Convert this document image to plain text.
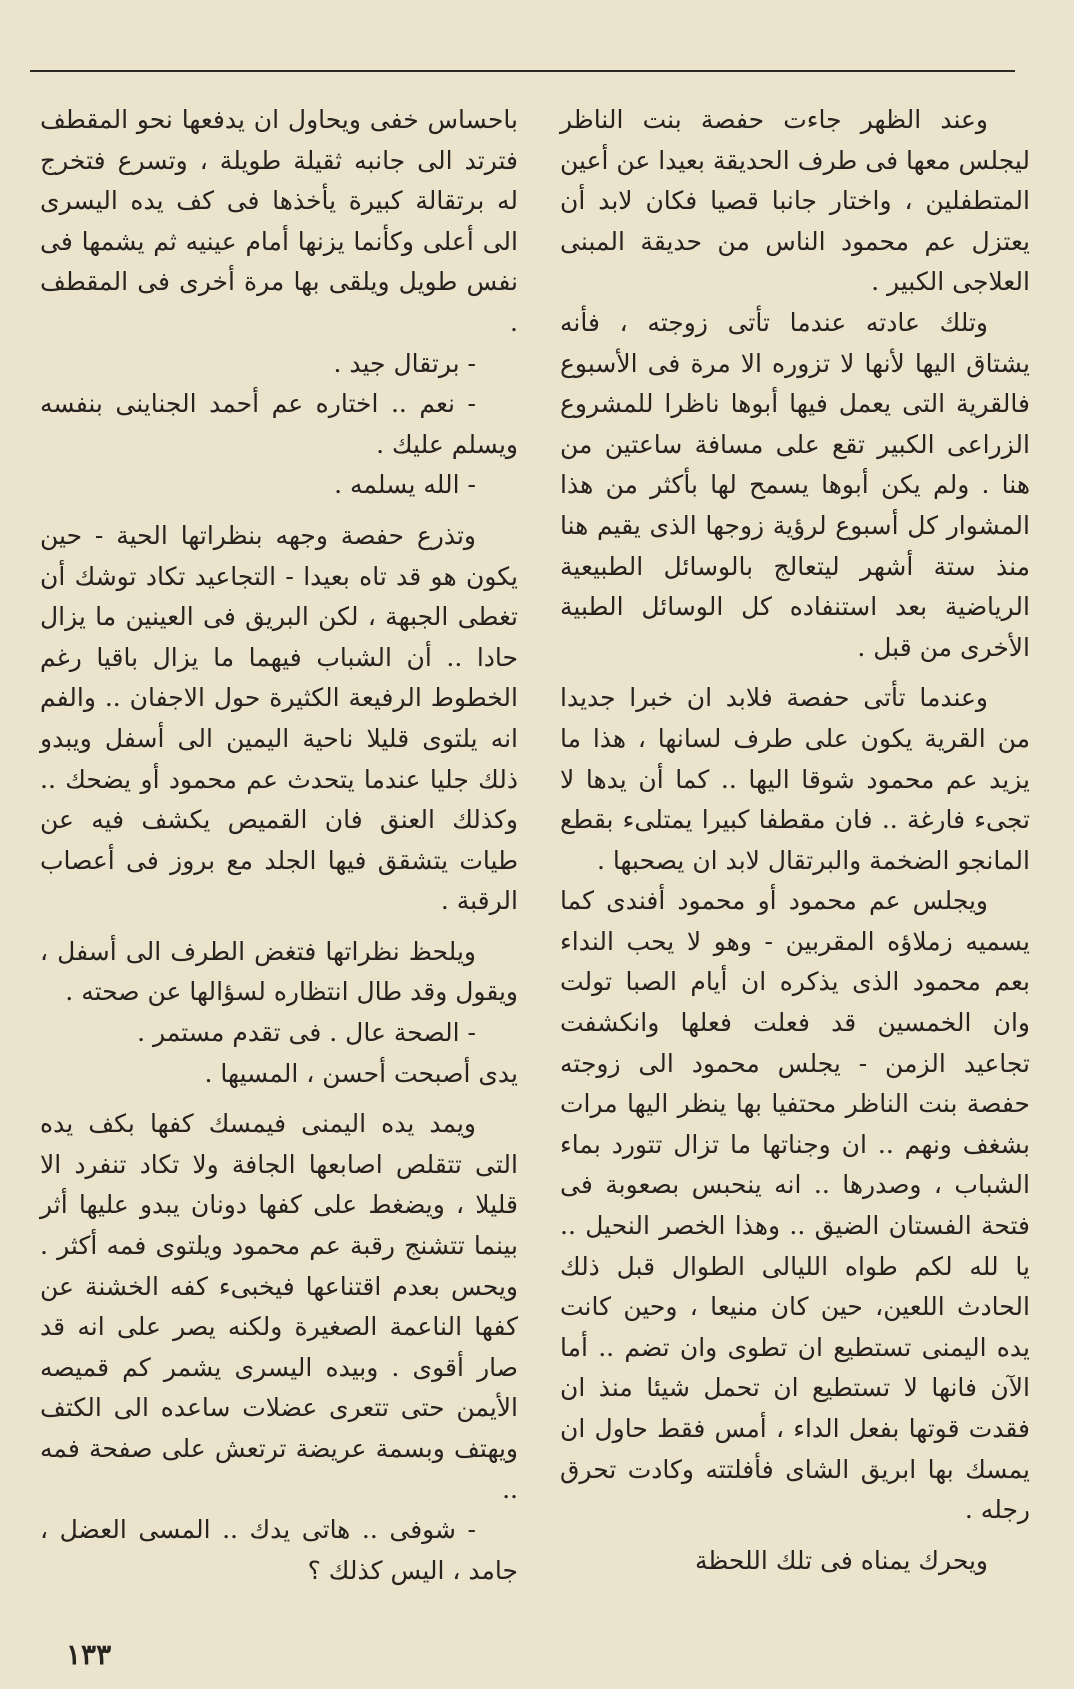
وعند الظهر جاءت حفصة بنت الناظر ليجلس معها فى طرف الحديقة بعيدا عن أعين المتطفلين ، واختار جانبا قصيا فكان لابد أن يعتزل عم محمود الناس من حديقة المبنى العلاجى الكبير .

وتلك عادته عندما تأتى زوجته ، فأنه يشتاق اليها لأنها لا تزوره الا مرة فى الأسبوع فالقرية التى يعمل فيها أبوها ناظرا للمشروع الزراعى الكبير تقع على مسافة ساعتين من هنا . ولم يكن أبوها يسمح لها بأكثر من هذا المشوار كل أسبوع لرؤية زوجها الذى يقيم هنا منذ ستة أشهر ليتعالج بالوسائل الطبيعية الرياضية بعد استنفاده كل الوسائل الطبية الأخرى من قبل .

وعندما تأتى حفصة فلابد ان خبرا جديدا من القرية يكون على طرف لسانها ، هذا ما يزيد عم محمود شوقا اليها .. كما أن يدها لا تجىء فارغة .. فان مقطفا كبيرا يمتلىء بقطع المانجو الضخمة والبرتقال لابد ان يصحبها .

ويجلس عم محمود أو محمود أفندى كما يسميه زملاؤه المقربين - وهو لا يحب النداء بعم محمود الذى يذكره ان أيام الصبا تولت وان الخمسين قد فعلت فعلها وانكشفت تجاعيد الزمن - يجلس محمود الى زوجته حفصة بنت الناظر محتفيا بها ينظر اليها مرات بشغف ونهم .. ان وجناتها ما تزال تتورد بماء الشباب ، وصدرها .. انه ينحبس بصعوبة فى فتحة الفستان الضيق .. وهذا الخصر النحيل .. يا لله لكم طواه الليالى الطوال قبل ذلك الحادث اللعين، حين كان منيعا ، وحين كانت يده اليمنى تستطيع ان تطوى وان تضم .. أما الآن فانها لا تستطيع ان تحمل شيئا منذ ان فقدت قوتها بفعل الداء ، أمس فقط حاول ان يمسك بها ابريق الشاى فأفلتته وكادت تحرق رجله .

ويحرك يمناه فى تلك اللحظة

باحساس خفى ويحاول ان يدفعها نحو المقطف فترتد الى جانبه ثقيلة طويلة ، وتسرع فتخرج له برتقالة كبيرة يأخذها فى كف يده اليسرى الى أعلى وكأنما يزنها أمام عينيه ثم يشمها فى نفس طويل ويلقى بها مرة أخرى فى المقطف .

- برتقال جيد .

- نعم .. اختاره عم أحمد الجناينى بنفسه ويسلم عليك .

- الله يسلمه .

وتذرع حفصة وجهه بنظراتها الحية - حين يكون هو قد تاه بعيدا - التجاعيد تكاد توشك أن تغطى الجبهة ، لكن البريق فى العينين ما يزال حادا .. أن الشباب فيهما ما يزال باقيا رغم الخطوط الرفيعة الكثيرة حول الاجفان .. والفم انه يلتوى قليلا ناحية اليمين الى أسفل ويبدو ذلك جليا عندما يتحدث عم محمود أو يضحك .. وكذلك العنق فان القميص يكشف فيه عن طيات يتشقق فيها الجلد مع بروز فى أعصاب الرقبة .

ويلحظ نظراتها فتغض الطرف الى أسفل ، ويقول وقد طال انتظاره لسؤالها عن صحته .

- الصحة عال . فى تقدم مستمر .

يدى أصبحت أحسن ، المسيها .

ويمد يده اليمنى فيمسك كفها بكف يده التى تتقلص اصابعها الجافة ولا تكاد تنفرد الا قليلا ، ويضغط على كفها دونان يبدو عليها أثر بينما تتشنج رقبة عم محمود ويلتوى فمه أكثر . ويحس بعدم اقتناعها فيخبىء كفه الخشنة عن كفها الناعمة الصغيرة ولكنه يصر على انه قد صار أقوى . وبيده اليسرى يشمر كم قميصه الأيمن حتى تتعرى عضلات ساعده الى الكتف ويهتف وبسمة عريضة ترتعش على صفحة فمه ..

- شوفى .. هاتى يدك .. المسى العضل ، جامد ، اليس كذلك ؟

١٣٣
